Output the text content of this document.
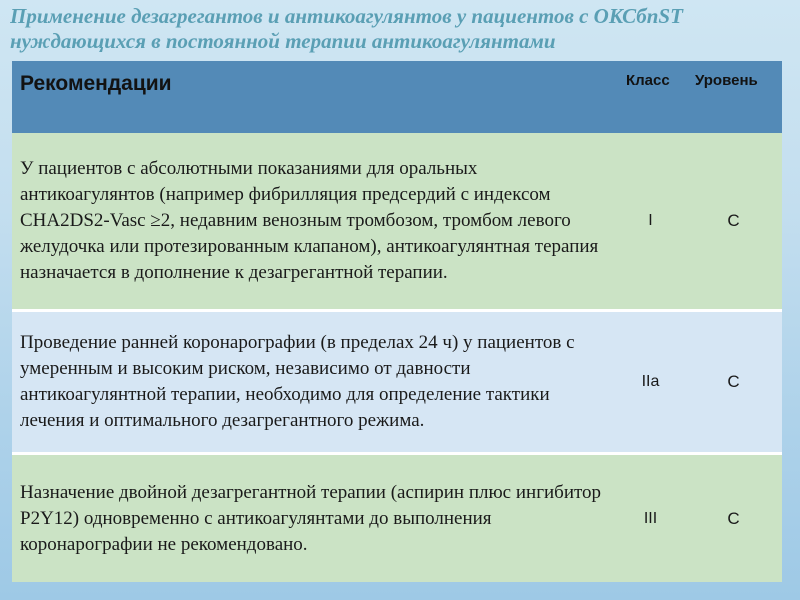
Применение дезагрегантов и антикоагулянтов у пациентов с ОКСбпST
нуждающихся в постоянной терапии антикоагулянтами
Рекомендации	Класс	Уровень
У пациентов с абсолютными показаниями для оральных антикоагулянтов (например фибрилляция предсердий с индексом CHA2DS2-Vasc ≥2, недавним венозным тромбозом, тромбом левого желудочка или протезированным клапаном), антикоагулянтная терапия назначается в дополнение к дезагрегантной терапии.	I	C
Проведение ранней коронарографии (в пределах 24 ч) у пациентов с умеренным и высоким риском, независимо от давности антикоагулянтной терапии, необходимо для определение тактики лечения и оптимального дезагрегантного режима.	IIa	C
Назначение двойной дезагрегантной терапии (аспирин плюс ингибитор P2Y12) одновременно с антикоагулянтами до выполнения коронарографии не рекомендовано.	III	C
